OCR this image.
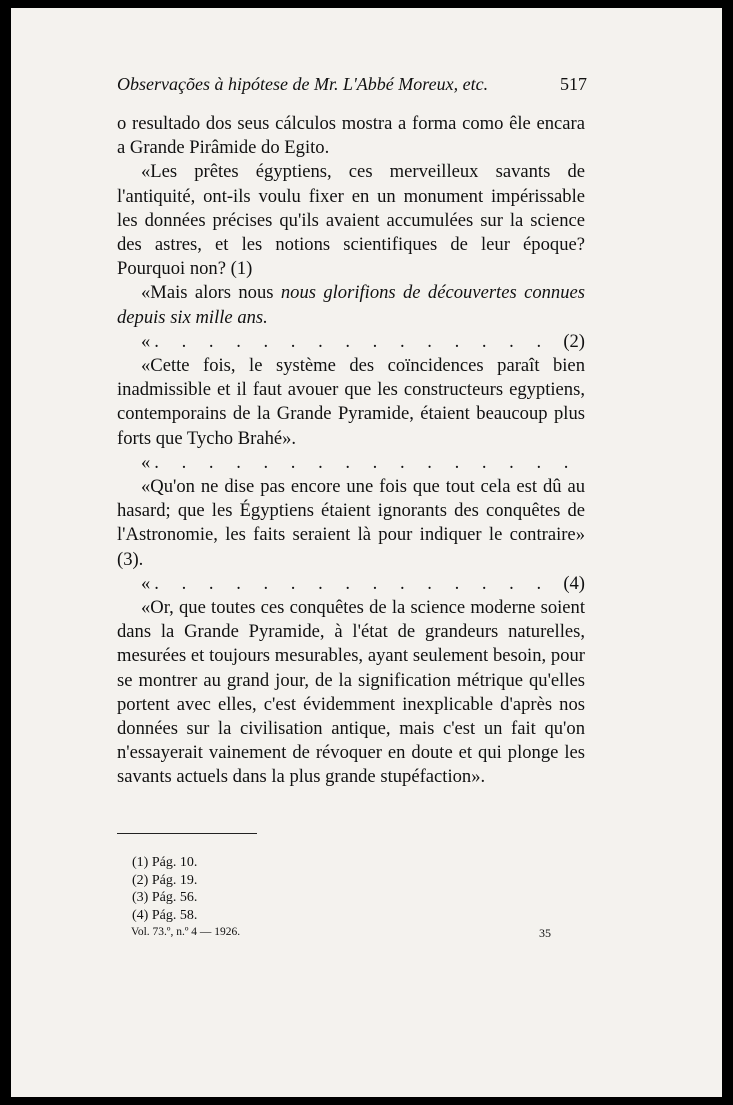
Observações à hipótese de Mr. L'Abbé Moreux, etc.	517

o resultado dos seus cálculos mostra a forma como êle encara a Grande Pirâmide do Egito.

«Les prêtes égyptiens, ces merveilleux savants de l'antiquité, ont-ils voulu fixer en un monument impérissable les données précises qu'ils avaient accumulées sur la science des astres, et les notions scientifiques de leur époque? Pourquoi non? (1)

«Mais alors nous nous glorifions de découvertes connues depuis six mille ans.

« . . .	(2)

«Cette fois, le système des coïncidences paraît bien inadmissible et il faut avouer que les constructeurs egyptiens, contemporains de la Grande Pyramide, étaient beaucoup plus forts que Tycho Brahé».

«
. . .

«Qu'on ne dise pas encore une fois que tout cela est dû au hasard; que les Égyptiens étaient ignorants des conquêtes de l'Astronomie, les faits seraient là pour indiquer le contraire» (3).

« . . .	(4)

«Or, que toutes ces conquêtes de la science moderne soient dans la Grande Pyramide, à l'état de grandeurs naturelles, mesurées et toujours mesurables, ayant seulement besoin, pour se montrer au grand jour, de la signification métrique qu'elles portent avec elles, c'est évidemment inexplicable d'après nos données sur la civilisation antique, mais c'est un fait qu'on n'essayerait vainement de révoquer en doute et qui plonge les savants actuels dans la plus grande stupéfaction».

(1) Pág. 10.
(2) Pág. 19.
(3) Pág. 56.
(4) Pág. 58.
Vol. 73.º, n.º 4 — 1926.	35
